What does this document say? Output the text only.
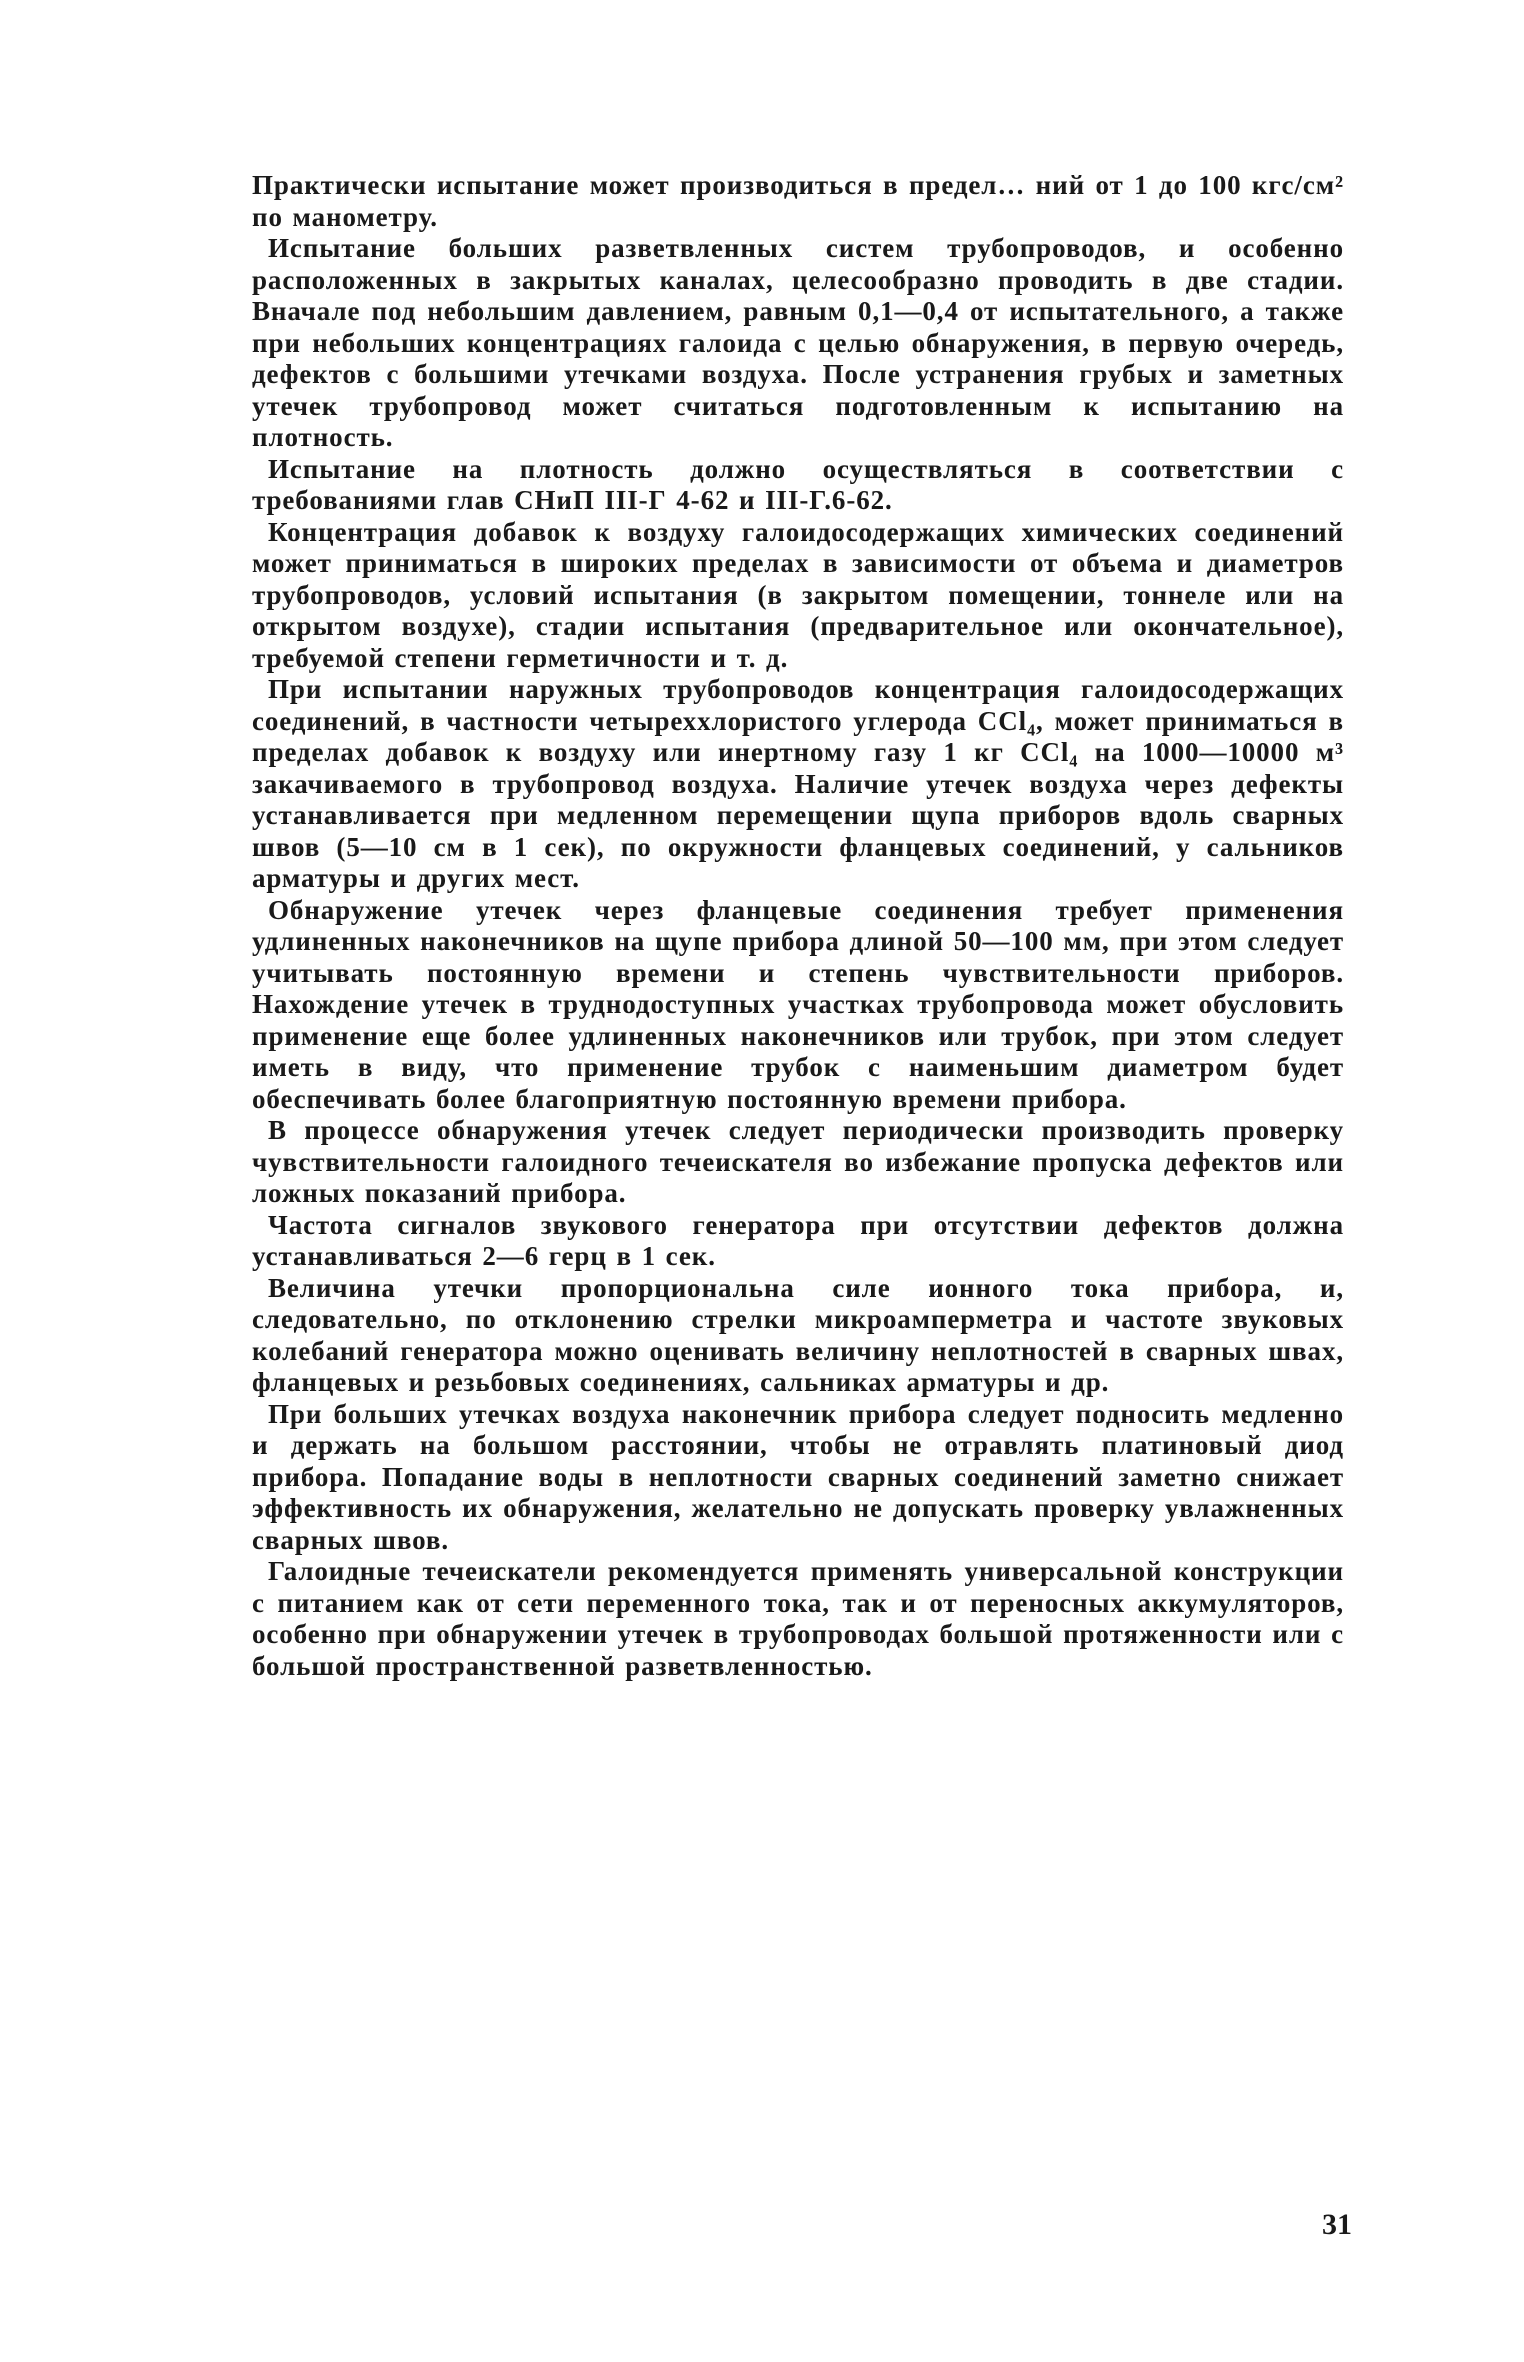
Практически испытание может производиться в предел… ний от 1 до 100 кгс/см² по манометру.

Испытание больших разветвленных систем трубопроводов, и особенно расположенных в закрытых каналах, целесообразно проводить в две стадии. Вначале под небольшим давлением, равным 0,1—0,4 от испытательного, а также при небольших концентрациях галоида с целью обнаружения, в первую очередь, дефектов с большими утечками воздуха. После устранения грубых и заметных утечек трубопровод может считаться подготовленным к испытанию на плотность.

Испытание на плотность должно осуществляться в соответствии с требованиями глав СНиП III-Г 4-62 и III-Г.6-62.

Концентрация добавок к воздуху галоидосодержащих химических соединений может приниматься в широких пределах в зависимости от объема и диаметров трубопроводов, условий испытания (в закрытом помещении, тоннеле или на открытом воздухе), стадии испытания (предварительное или окончательное), требуемой степени герметичности и т. д.

При испытании наружных трубопроводов концентрация галоидосодержащих соединений, в частности четыреххлористого углерода CCl₄, может приниматься в пределах добавок к воздуху или инертному газу 1 кг CCl₄ на 1000—10000 м³ закачиваемого в трубопровод воздуха. Наличие утечек воздуха через дефекты устанавливается при медленном перемещении щупа приборов вдоль сварных швов (5—10 см в 1 сек), по окружности фланцевых соединений, у сальников арматуры и других мест.

Обнаружение утечек через фланцевые соединения требует применения удлиненных наконечников на щупе прибора длиной 50—100 мм, при этом следует учитывать постоянную времени и степень чувствительности приборов. Нахождение утечек в труднодоступных участках трубопровода может обусловить применение еще более удлиненных наконечников или трубок, при этом следует иметь в виду, что применение трубок с наименьшим диаметром будет обеспечивать более благоприятную постоянную времени прибора.

В процессе обнаружения утечек следует периодически производить проверку чувствительности галоидного течеискателя во избежание пропуска дефектов или ложных показаний прибора.

Частота сигналов звукового генератора при отсутствии дефектов должна устанавливаться 2—6 герц в 1 сек.

Величина утечки пропорциональна силе ионного тока прибора, и, следовательно, по отклонению стрелки микроамперметра и частоте звуковых колебаний генератора можно оценивать величину неплотностей в сварных швах, фланцевых и резьбовых соединениях, сальниках арматуры и др.

При больших утечках воздуха наконечник прибора следует подносить медленно и держать на большом расстоянии, чтобы не отравлять платиновый диод прибора. Попадание воды в неплотности сварных соединений заметно снижает эффективность их обнаружения, желательно не допускать проверку увлажненных сварных швов.

Галоидные течеискатели рекомендуется применять универсальной конструкции с питанием как от сети переменного тока, так и от переносных аккумуляторов, особенно при обнаружении утечек в трубопроводах большой протяженности или с большой пространственной разветвленностью.

31
